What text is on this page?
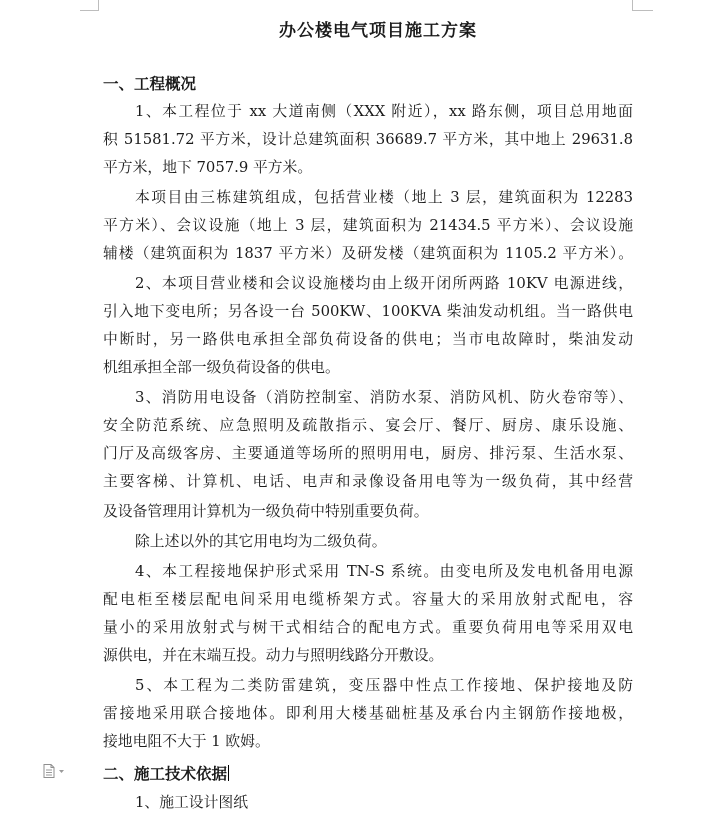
办公楼电气项目施工方案
一、工程概况
1、本工程位于 xx 大道南侧（XXX 附近），xx 路东侧，项目总用地面
积 51581.72 平方米，设计总建筑面积 36689.7 平方米，其中地上 29631.8
平方米，地下 7057.9 平方米。
本项目由三栋建筑组成，包括营业楼（地上 3 层，建筑面积为 12283
平方米）、会议设施（地上 3 层，建筑面积为 21434.5 平方米）、会议设施
辅楼（建筑面积为 1837 平方米）及研发楼（建筑面积为 1105.2 平方米）。
2、本项目营业楼和会议设施楼均由上级开闭所两路 10KV 电源进线，
引入地下变电所；另各设一台 500KW、100KVA 柴油发动机组。当一路供电
中断时，另一路供电承担全部负荷设备的供电；当市电故障时，柴油发动
机组承担全部一级负荷设备的供电。
3、消防用电设备（消防控制室、消防水泵、消防风机、防火卷帘等）、
安全防范系统、应急照明及疏散指示、宴会厅、餐厅、厨房、康乐设施、
门厅及高级客房、主要通道等场所的照明用电，厨房、排污泵、生活水泵、
主要客梯、计算机、电话、电声和录像设备用电等为一级负荷，其中经营
及设备管理用计算机为一级负荷中特别重要负荷。
除上述以外的其它用电均为二级负荷。
4、本工程接地保护形式采用 TN-S 系统。由变电所及发电机备用电源
配电柜至楼层配电间采用电缆桥架方式。容量大的采用放射式配电，容
量小的采用放射式与树干式相结合的配电方式。重要负荷用电等采用双电
源供电，并在末端互投。动力与照明线路分开敷设。
5、本工程为二类防雷建筑，变压器中性点工作接地、保护接地及防
雷接地采用联合接地体。即利用大楼基础桩基及承台内主钢筋作接地极，
接地电阻不大于 1 欧姆。
二、施工技术依据
1、施工设计图纸
